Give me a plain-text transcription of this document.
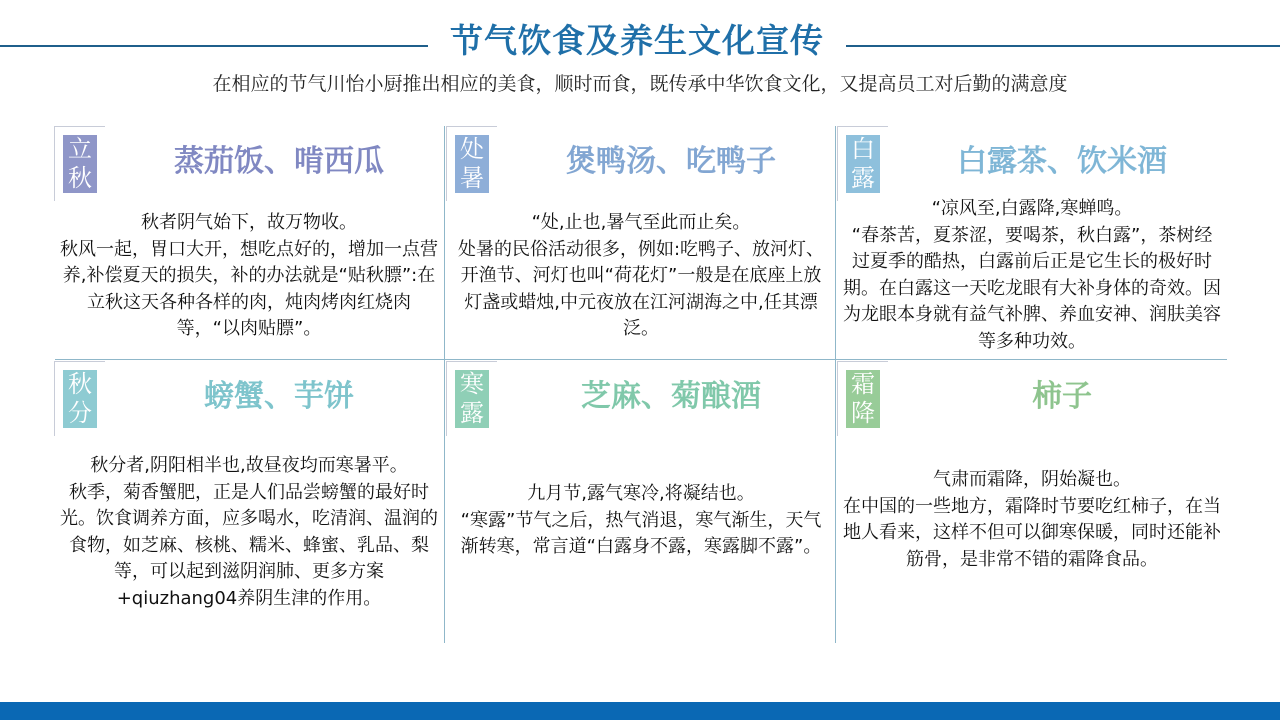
节气饮食及养生文化宣传
在相应的节气川怡小厨推出相应的美食，顺时而食，既传承中华饮食文化，又提高员工对后勤的满意度
立
秋	蒸茄饭、啃西瓜
秋者阴气始下，故万物收。
秋风一起，胃口大开，想吃点好的，增加一点营养,补偿夏天的损失，补的办法就是“贴秋膘”:在立秋这天各种各样的肉，炖肉烤肉红烧肉等，“以肉贴膘”。
处
暑	煲鸭汤、吃鸭子
“处,止也,暑气至此而止矣。
处暑的民俗活动很多，例如:吃鸭子、放河灯、开渔节、河灯也叫“荷花灯”一般是在底座上放灯盏或蜡烛,中元夜放在江河湖海之中,任其漂泛。
白
露	白露茶、饮米酒
“凉风至,白露降,寒蝉鸣。
“春茶苦，夏茶涩，要喝茶，秋白露”，茶树经过夏季的酷热，白露前后正是它生长的极好时期。在白露这一天吃龙眼有大补身体的奇效。因为龙眼本身就有益气补脾、养血安神、润肤美容等多种功效。
秋
分	螃蟹、芋饼
秋分者,阴阳相半也,故昼夜均而寒暑平。
秋季，菊香蟹肥，正是人们品尝螃蟹的最好时光。饮食调养方面，应多喝水，吃清润、温润的食物，如芝麻、核桃、糯米、蜂蜜、乳品、梨等，可以起到滋阴润肺、更多方案+qiuzhang04养阴生津的作用。
寒
露	芝麻、菊酿酒
九月节,露气寒冷,将凝结也。
“寒露”节气之后，热气消退，寒气渐生，天气渐转寒，常言道“白露身不露，寒露脚不露”。
霜
降	柿子
气肃而霜降，阴始凝也。
在中国的一些地方，霜降时节要吃红柿子，在当地人看来，这样不但可以御寒保暖，同时还能补筋骨，是非常不错的霜降食品。
